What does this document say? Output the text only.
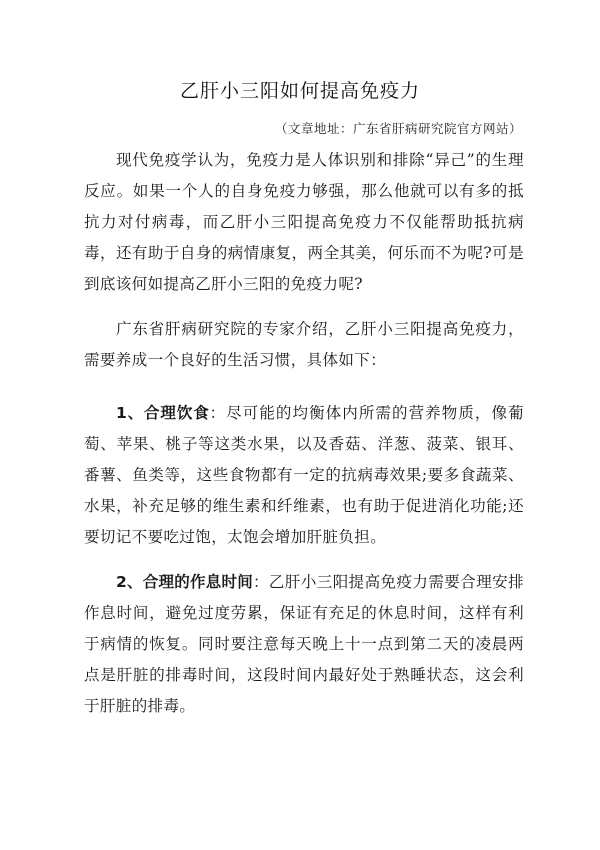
乙肝小三阳如何提高免疫力
（文章地址：广东省肝病研究院官方网站）

现代免疫学认为，免疫力是人体识别和排除“异己”的生理反应。如果一个人的自身免疫力够强，那么他就可以有多的抵抗力对付病毒，而乙肝小三阳提高免疫力不仅能帮助抵抗病毒，还有助于自身的病情康复，两全其美，何乐而不为呢?可是到底该何如提高乙肝小三阳的免疫力呢?

广东省肝病研究院的专家介绍，乙肝小三阳提高免疫力，需要养成一个良好的生活习惯，具体如下：

1、合理饮食：尽可能的均衡体内所需的营养物质，像葡萄、苹果、桃子等这类水果，以及香菇、洋葱、菠菜、银耳、番薯、鱼类等，这些食物都有一定的抗病毒效果;要多食蔬菜、水果，补充足够的维生素和纤维素，也有助于促进消化功能;还要切记不要吃过饱，太饱会增加肝脏负担。

2、合理的作息时间：乙肝小三阳提高免疫力需要合理安排作息时间，避免过度劳累，保证有充足的休息时间，这样有利于病情的恢复。同时要注意每天晚上十一点到第二天的凌晨两点是肝脏的排毒时间，这段时间内最好处于熟睡状态，这会利于肝脏的排毒。
